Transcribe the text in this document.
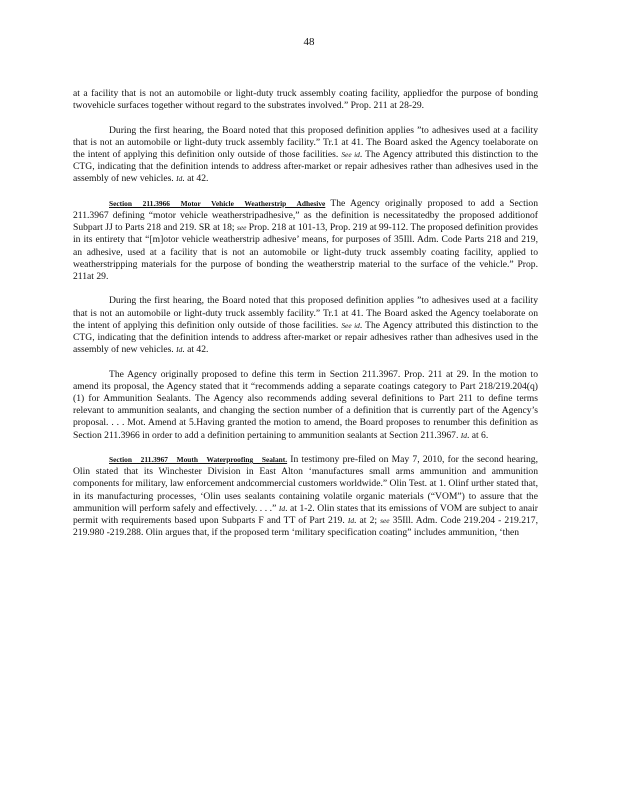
48

at a facility that is not an automobile or light-duty truck assembly coating facility, appliedfor the purpose of bonding twovehicle surfaces together without regard to the substrates involved.” Prop. 211 at 28-29.

During the first hearing, the Board noted that this proposed definition applies ”to adhesives used at a facility that is not an automobile or light-duty truck assembly facility.” Tr.1 at 41. The Board asked the Agency toelaborate on the intent of applying this definition only outside of those facilities. See id. The Agency attributed this distinction to the CTG, indicating that the definition intends to address after-market or repair adhesives rather than adhesives used in the assembly of new vehicles. Id. at 42.

Section 211.3966 Motor Vehicle Weatherstrip Adhesive The Agency originally proposed to add a Section 211.3967 defining “motor vehicle weatherstripadhesive,” as the definition is necessitatedby the proposed additionof Subpart JJ to Parts 218 and 219. SR at 18; see Prop. 218 at 101-13, Prop. 219 at 99-112. The proposed definition provides in its entirety that “[m]otor vehicle weatherstrip adhesive’ means, for purposes of 35Ill. Adm. Code Parts 218 and 219, an adhesive, used at a facility that is not an automobile or light-duty truck assembly coating facility, applied to weatherstripping materials for the purpose of bonding the weatherstrip material to the surface of the vehicle.” Prop. 211at 29.

During the first hearing, the Board noted that this proposed definition applies ”to adhesives used at a facility that is not an automobile or light-duty truck assembly facility.” Tr.1 at 41. The Board asked the Agency toelaborate on the intent of applying this definition only outside of those facilities. See id. The Agency attributed this distinction to the CTG, indicating that the definition intends to address after-market or repair adhesives rather than adhesives used in the assembly of new vehicles. Id. at 42.

The Agency originally proposed to define this term in Section 211.3967. Prop. 211 at 29. In the motion to amend its proposal, the Agency stated that it “recommends adding a separate coatings category to Part 218/219.204(q)(1) for Ammunition Sealants. The Agency also recommends adding several definitions to Part 211 to define terms relevant to ammunition sealants, and changing the section number of a definition that is currently part of the Agency’s proposal. . . . Mot. Amend at 5.Having granted the motion to amend, the Board proposes to renumber this definition as Section 211.3966 in order to add a definition pertaining to ammunition sealants at Section 211.3967. Id. at 6.

Section 211.3967 Mouth Waterproofing Sealant. In testimony pre-filed on May 7, 2010, for the second hearing, Olin stated that its Winchester Division in East Alton ‘manufactures small arms ammunition and ammunition components for military, law enforcement andcommercial customers worldwide.” Olin Test. at 1. Olinf urther stated that, in its manufacturing processes, ‘Olin uses sealants containing volatile organic materials (“VOM”) to assure that the ammunition will perform safely and effectively. . . .” Id. at 1-2. Olin states that its emissions of VOM are subject to anair permit with requirements based upon Subparts F and TT of Part 219. Id. at 2; see 35Ill. Adm. Code 219.204 - 219.217, 219.980 -219.288. Olin argues that, if the proposed term ‘military specification coating” includes ammunition, ‘then
